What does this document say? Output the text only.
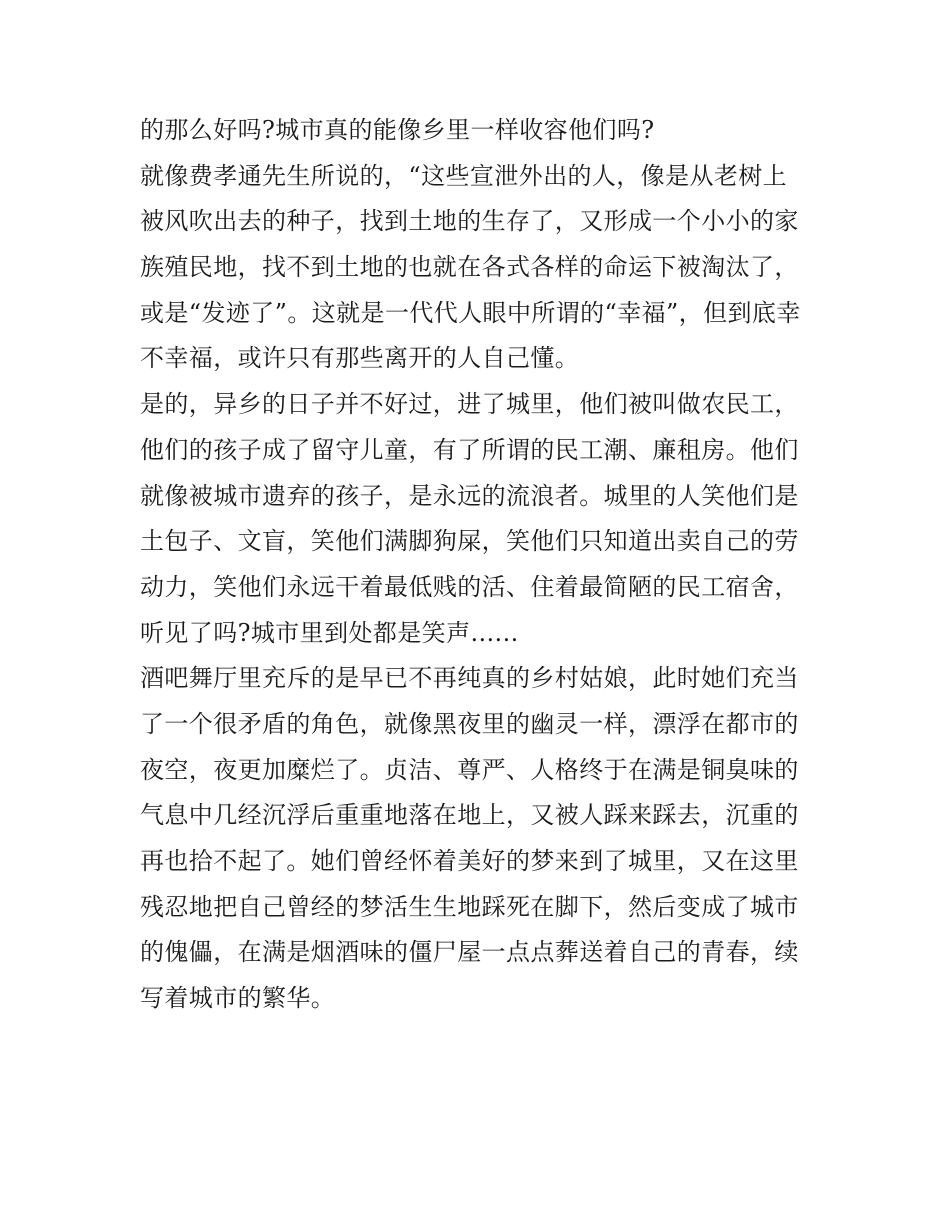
的那么好吗?城市真的能像乡里一样收容他们吗?
就像费孝通先生所说的，“这些宣泄外出的人，像是从老树上
被风吹出去的种子，找到土地的生存了，又形成一个小小的家
族殖民地，找不到土地的也就在各式各样的命运下被淘汰了，
或是“发迹了”。这就是一代代人眼中所谓的“幸福”，但到底幸
不幸福，或许只有那些离开的人自己懂。
是的，异乡的日子并不好过，进了城里，他们被叫做农民工，
他们的孩子成了留守儿童，有了所谓的民工潮、廉租房。他们
就像被城市遗弃的孩子，是永远的流浪者。城里的人笑他们是
土包子、文盲，笑他们满脚狗屎，笑他们只知道出卖自己的劳
动力，笑他们永远干着最低贱的活、住着最简陋的民工宿舍，
听见了吗?城市里到处都是笑声......
酒吧舞厅里充斥的是早已不再纯真的乡村姑娘，此时她们充当
了一个很矛盾的角色，就像黑夜里的幽灵一样，漂浮在都市的
夜空，夜更加糜烂了。贞洁、尊严、人格终于在满是铜臭味的
气息中几经沉浮后重重地落在地上，又被人踩来踩去，沉重的
再也拾不起了。她们曾经怀着美好的梦来到了城里，又在这里
残忍地把自己曾经的梦活生生地踩死在脚下，然后变成了城市
的傀儡，在满是烟酒味的僵尸屋一点点葬送着自己的青春，续
写着城市的繁华。
